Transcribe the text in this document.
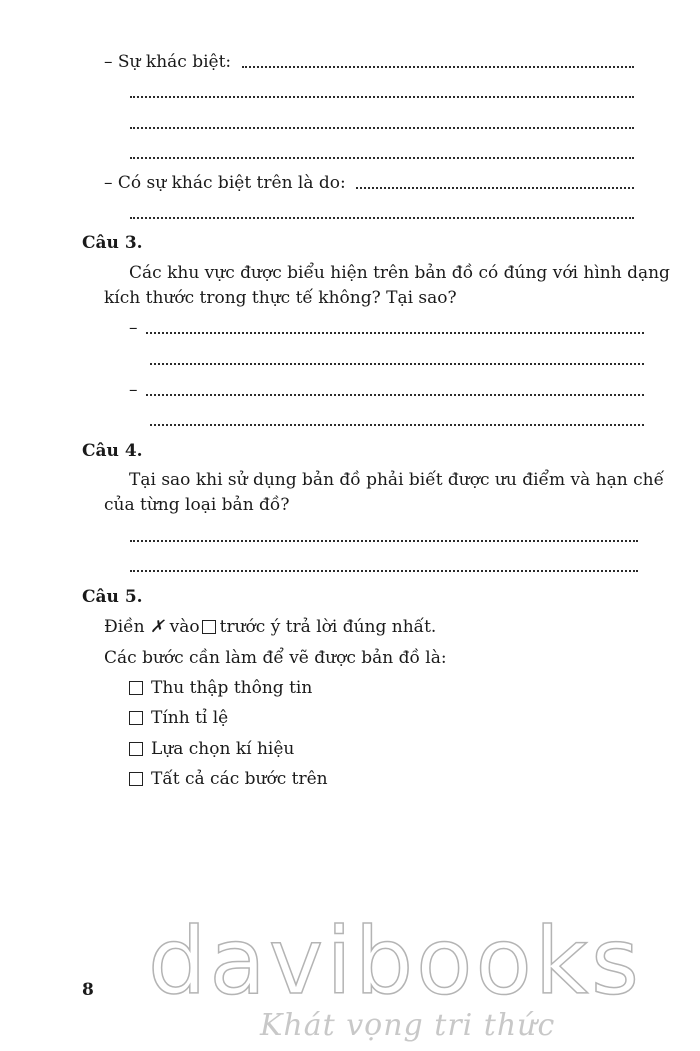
– Sự khác biệt:
– Có sự khác biệt trên là do:
Câu 3.
Các khu vực được biểu hiện trên bản đồ có đúng với hình dạng
kích thước trong thực tế không? Tại sao?
–
–
Câu 4.
Tại sao khi sử dụng bản đồ phải biết được ưu điểm và hạn chế
của từng loại bản đồ?
Câu 5.
Điền ✗ vào trước ý trả lời đúng nhất.
Các bước cần làm để vẽ được bản đồ là:
Thu thập thông tin
Tính tỉ lệ
Lựa chọn kí hiệu
Tất cả các bước trên
8 davibooks
Khát vọng tri thức
